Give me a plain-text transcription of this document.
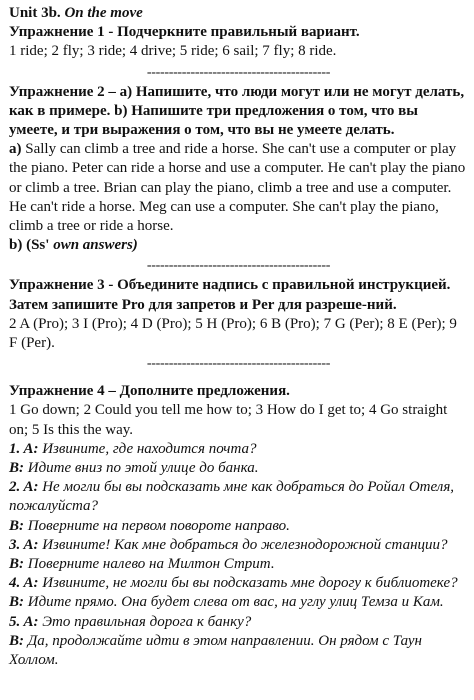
Unit 3b. On the move

Упражнение 1 - Подчеркните правильный вариант.

1 ride; 2 fly; 3 ride; 4 drive; 5 ride; 6 sail; 7 fly; 8 ride.

------------------------------------------

Упражнение 2 – a) Напишите, что люди могут или не могут делать, как в примере. b) Напишите три предложения о том, что вы умеете, и три выражения о том, что вы не умеете делать.

a) Sally can climb a tree and ride a horse. She can't use a computer or play the piano. Peter can ride a horse and use a computer. He can't play the piano or climb a tree. Brian can play the piano, climb a tree and use a computer. He can't ride a horse. Meg can use a computer. She can't play the piano, climb a tree or ride a horse.

b) (Ss' own answers)

------------------------------------------

Упражнение 3 - Объедините надпись с правильной инструкцией. Затем запишите Pro для запретов и Per для разреше-ний.

2 A (Pro); 3 I (Pro); 4 D (Pro); 5 H (Pro); 6 B (Pro); 7 G (Per); 8 E (Per); 9 F (Per).

------------------------------------------

Упражнение 4 – Дополните предложения.

1 Go down; 2 Could you tell me how to; 3 How do I get to; 4 Go straight on; 5 Is this the way.

1. A: Извините, где находится почта?

B: Идите вниз по этой улице до банка.

2. A: Не могли бы вы подсказать мне как добраться до Ройал Отеля, пожалуйста?

B: Поверните на первом повороте направо.

3. A: Извините! Как мне добраться до железнодорожной станции?

B: Поверните налево на Милтон Стрит.

4. A: Извините, не могли бы вы подсказать мне дорогу к библиотеке?

B: Идите прямо. Она будет слева от вас, на углу улиц Темза и Кам.

5. A: Это правильная дорога к банку?

B: Да, продолжайте идти в этом направлении. Он рядом с Таун Холлом.
